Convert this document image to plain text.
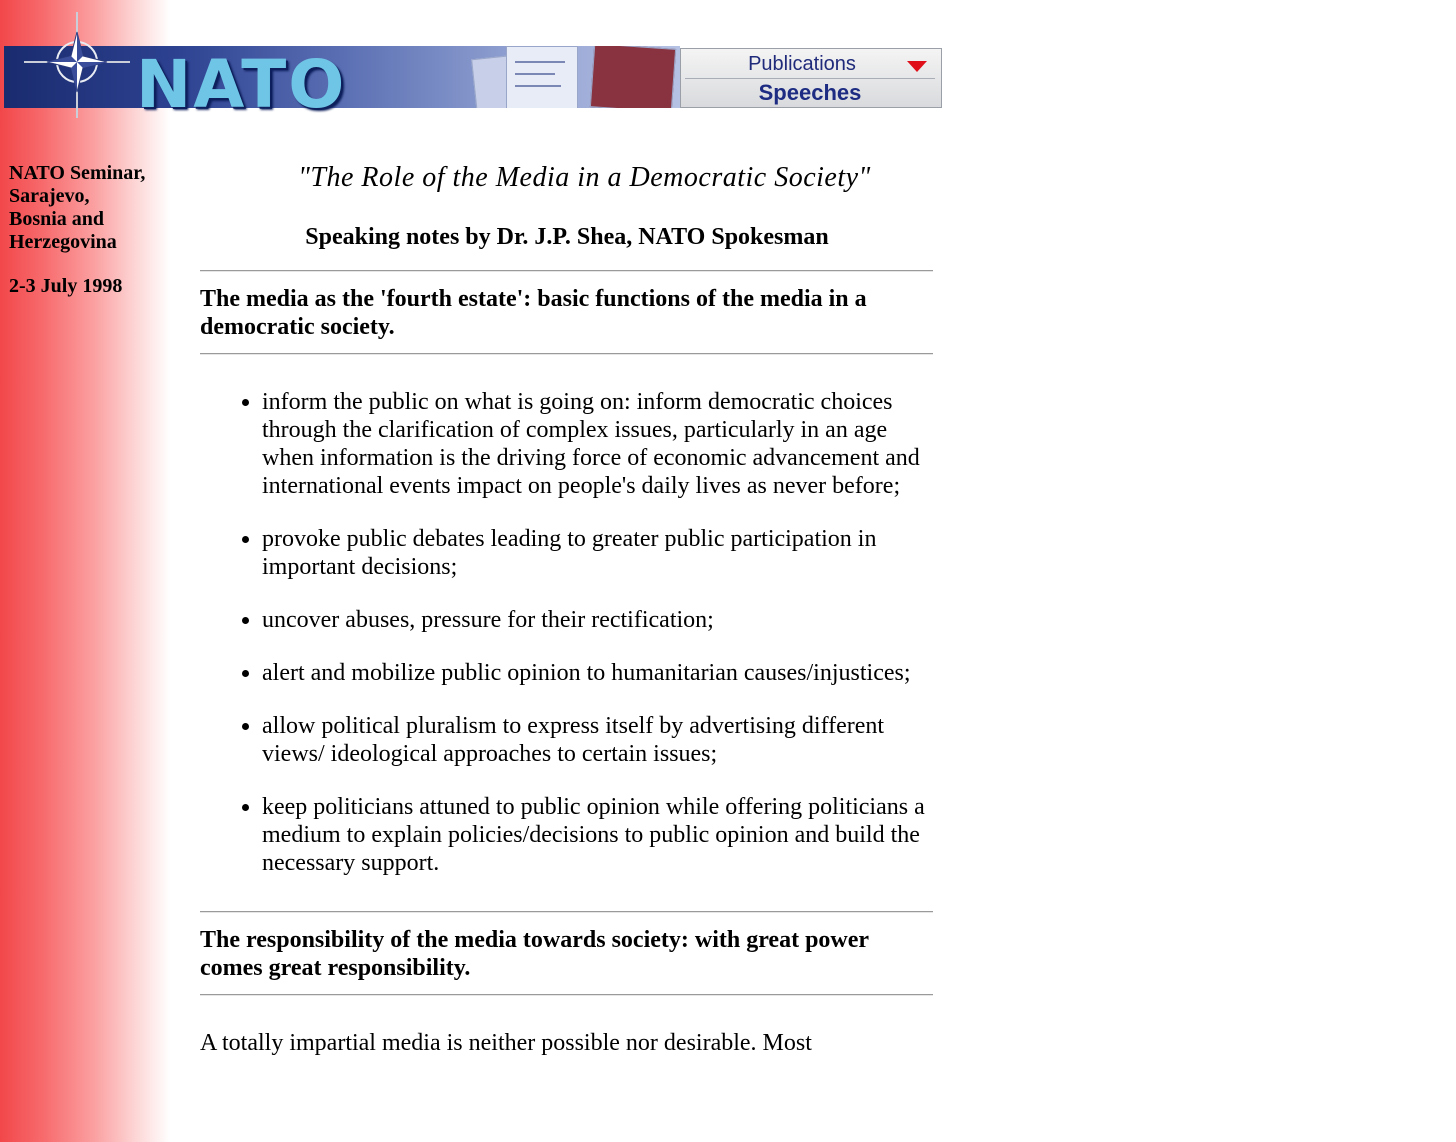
NATO	Publications
Speeches
NATO Seminar,
Sarajevo,
Bosnia and
Herzegovina
2-3 July 1998
"The Role of the Media in a Democratic Society"
Speaking notes by Dr. J.P. Shea, NATO Spokesman
The media as the 'fourth estate': basic functions of the media in a democratic society.
• inform the public on what is going on: inform democratic choices through the clarification of complex issues, particularly in an age when information is the driving force of economic advancement and international events impact on people's daily lives as never before;
• provoke public debates leading to greater public participation in important decisions;
• uncover abuses, pressure for their rectification;
• alert and mobilize public opinion to humanitarian causes/injustices;
• allow political pluralism to express itself by advertising different views/ ideological approaches to certain issues;
• keep politicians attuned to public opinion while offering politicians a medium to explain policies/decisions to public opinion and build the necessary support.
The responsibility of the media towards society: with great power comes great responsibility.

A totally impartial media is neither possible nor desirable. Most
